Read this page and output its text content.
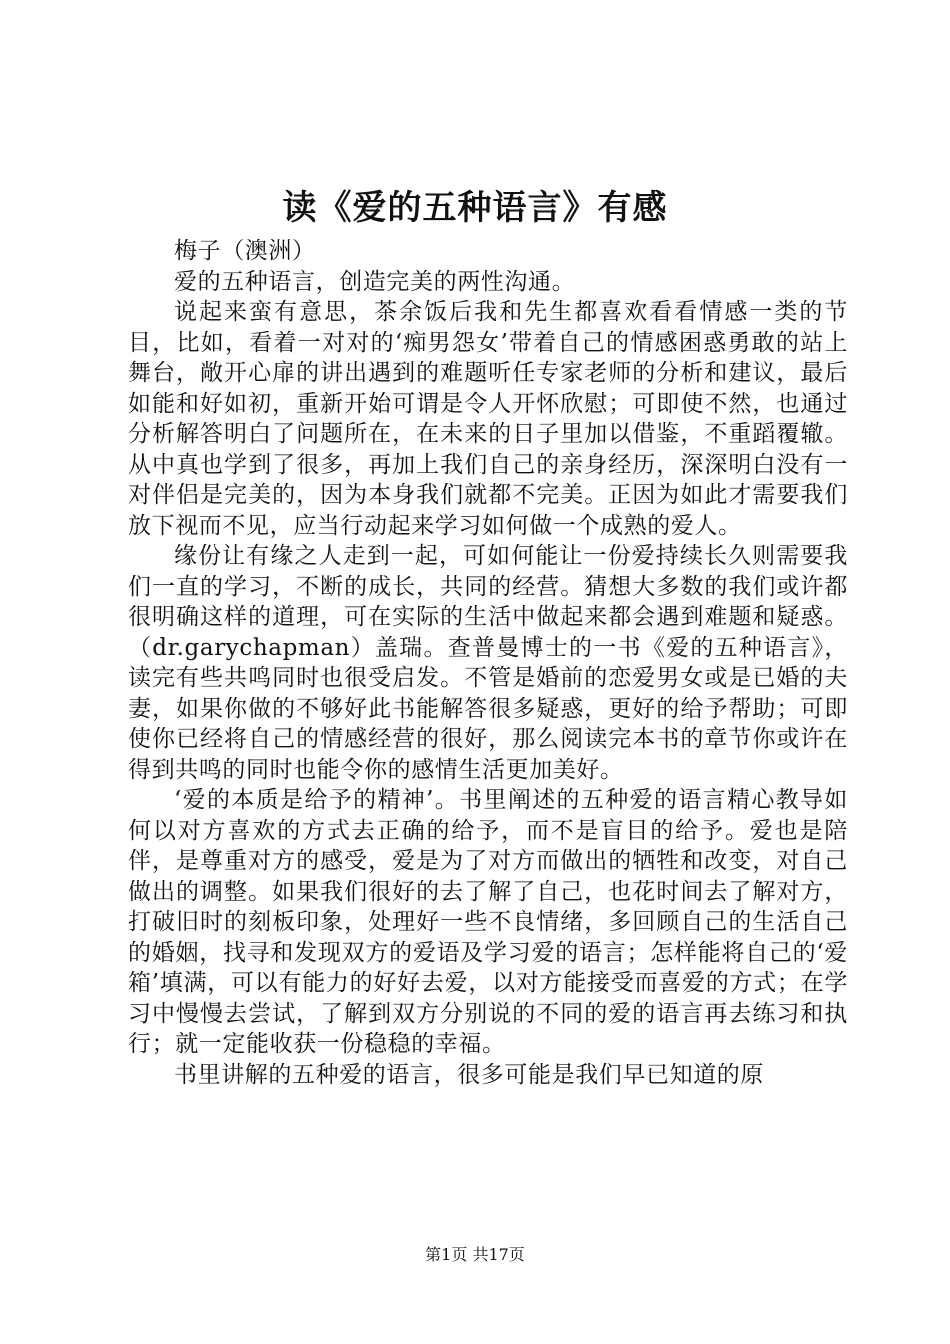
读《爱的五种语言》有感

梅子（澳洲）

爱的五种语言，创造完美的两性沟通。

说起来蛮有意思，茶余饭后我和先生都喜欢看看情感一类的节目，比如，看着一对对的‘痴男怨女’带着自己的情感困惑勇敢的站上舞台，敞开心扉的讲出遇到的难题听任专家老师的分析和建议，最后如能和好如初，重新开始可谓是令人开怀欣慰；可即使不然，也通过分析解答明白了问题所在，在未来的日子里加以借鉴，不重蹈覆辙。从中真也学到了很多，再加上我们自己的亲身经历，深深明白没有一对伴侣是完美的，因为本身我们就都不完美。正因为如此才需要我们放下视而不见，应当行动起来学习如何做一个成熟的爱人。

缘份让有缘之人走到一起，可如何能让一份爱持续长久则需要我们一直的学习，不断的成长，共同的经营。猜想大多数的我们或许都很明确这样的道理，可在实际的生活中做起来都会遇到难题和疑惑。（dr.garychapman）盖瑞。查普曼博士的一书《爱的五种语言》，读完有些共鸣同时也很受启发。不管是婚前的恋爱男女或是已婚的夫妻，如果你做的不够好此书能解答很多疑惑，更好的给予帮助；可即使你已经将自己的情感经营的很好，那么阅读完本书的章节你或许在得到共鸣的同时也能令你的感情生活更加美好。

‘爱的本质是给予的精神’。书里阐述的五种爱的语言精心教导如何以对方喜欢的方式去正确的给予，而不是盲目的给予。爱也是陪伴，是尊重对方的感受，爱是为了对方而做出的牺牲和改变，对自己做出的调整。如果我们很好的去了解了自己，也花时间去了解对方，打破旧时的刻板印象，处理好一些不良情绪，多回顾自己的生活自己的婚姻，找寻和发现双方的爱语及学习爱的语言；怎样能将自己的‘爱箱’填满，可以有能力的好好去爱，以对方能接受而喜爱的方式；在学习中慢慢去尝试，了解到双方分别说的不同的爱的语言再去练习和执行；就一定能收获一份稳稳的幸福。

书里讲解的五种爱的语言，很多可能是我们早已知道的原

第1页 共17页
